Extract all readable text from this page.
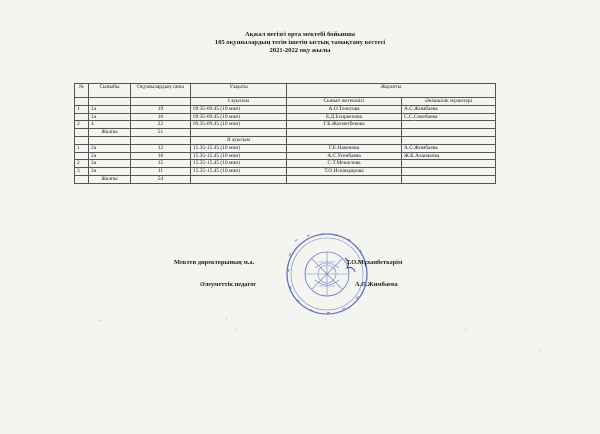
Ақжал негізгі орта мектебі бойынша
105 оқушылардың тегін ішетін ыстық тамақтану кестесі
2021-2022 оқу жылы
№	Сыныбы	Оқушылардың саны	Уақыты	Жауапты	
			І ауысым	Сынып жетекшісі	Әкімшілік мүшелері
1	1а	19	09.35-09.45 (10 мин)	А.О.Толеуова	А.С.Жимбаева
	1ә	10	09.35-09.45 (10 мин)	Б.Д.Есиркепова	С.С.Секебаева
2	4	22	09.35-09.45 (10 мин)	Г.Б.Жахметбекова	
	Жалпы	51			
			ІІ ауысым		
1	2а	12	15.35-15.45 (10 мин)	Г.Е.Накенова	А.С.Жимбаева
	2ә	16	15.35-15.45 (10 мин)	А.С.Усенбаева	Ж.К.Аханакова
2	3а	15	15.35-15.45 (10 мин)	С.Т.Мешелова	
3	3ә	11	15.35-15.45 (10 мин)	Т.О.Искандирова	
	Жалпы	54			
Мектеп директорының м.а.	Т.О.Мұханбеткәрім
Әлеуметтік педагог	А.С.Жимбаева
